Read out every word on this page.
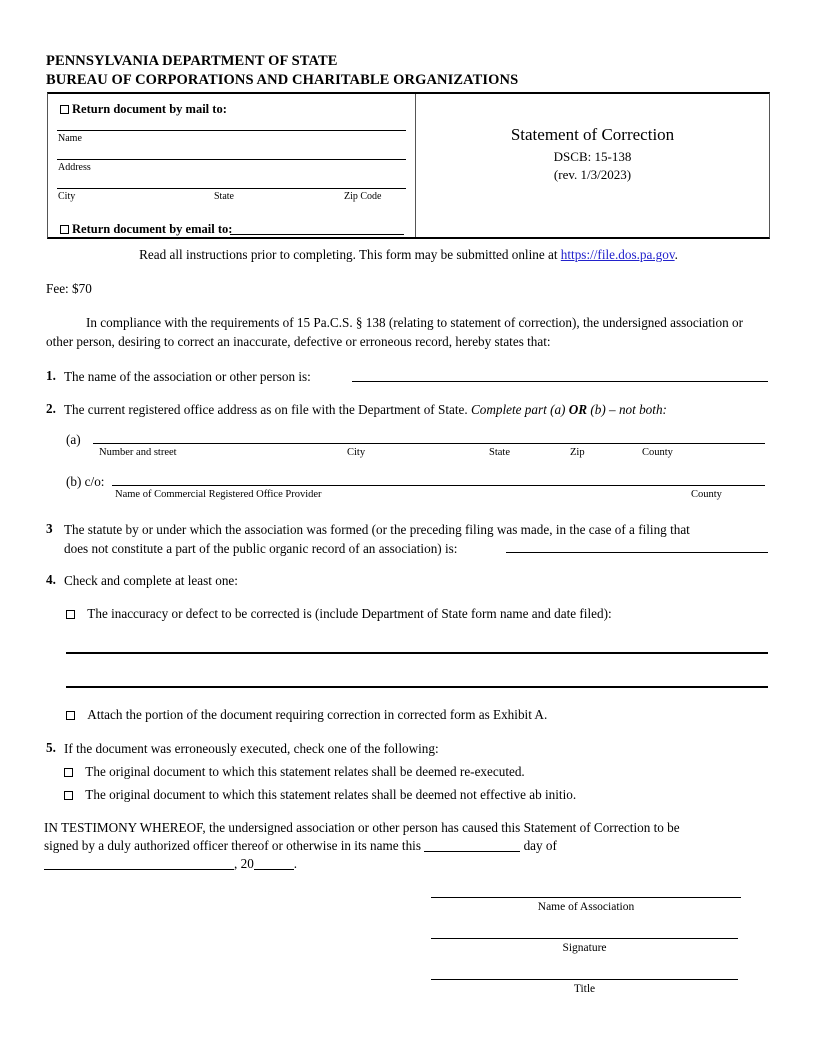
PENNSYLVANIA DEPARTMENT OF STATE
BUREAU OF CORPORATIONS AND CHARITABLE ORGANIZATIONS
Return document by mail to:
Name
Address
City	State	Zip Code
Return document by email to:
Statement of Correction
DSCB: 15-138
(rev. 1/3/2023)
Read all instructions prior to completing. This form may be submitted online at https://file.dos.pa.gov.
Fee: $70
In compliance with the requirements of 15 Pa.C.S. § 138 (relating to statement of correction), the undersigned association or other person, desiring to correct an inaccurate, defective or erroneous record, hereby states that:
1. The name of the association or other person is:
2. The current registered office address as on file with the Department of State. Complete part (a) OR (b) – not both:
(a)
Number and street	City	State	Zip	County
(b) c/o:
Name of Commercial Registered Office Provider	County
3 The statute by or under which the association was formed (or the preceding filing was made, in the case of a filing that
does not constitute a part of the public organic record of an association) is:
4. Check and complete at least one:
The inaccuracy or defect to be corrected is (include Department of State form name and date filed):
Attach the portion of the document requiring correction in corrected form as Exhibit A.
5. If the document was erroneously executed, check one of the following:
The original document to which this statement relates shall be deemed re-executed.
The original document to which this statement relates shall be deemed not effective ab initio.
IN TESTIMONY WHEREOF, the undersigned association or other person has caused this Statement of Correction to be
signed by a duly authorized officer thereof or otherwise in its name this	day of
, 20	.
Name of Association
Signature
Title
